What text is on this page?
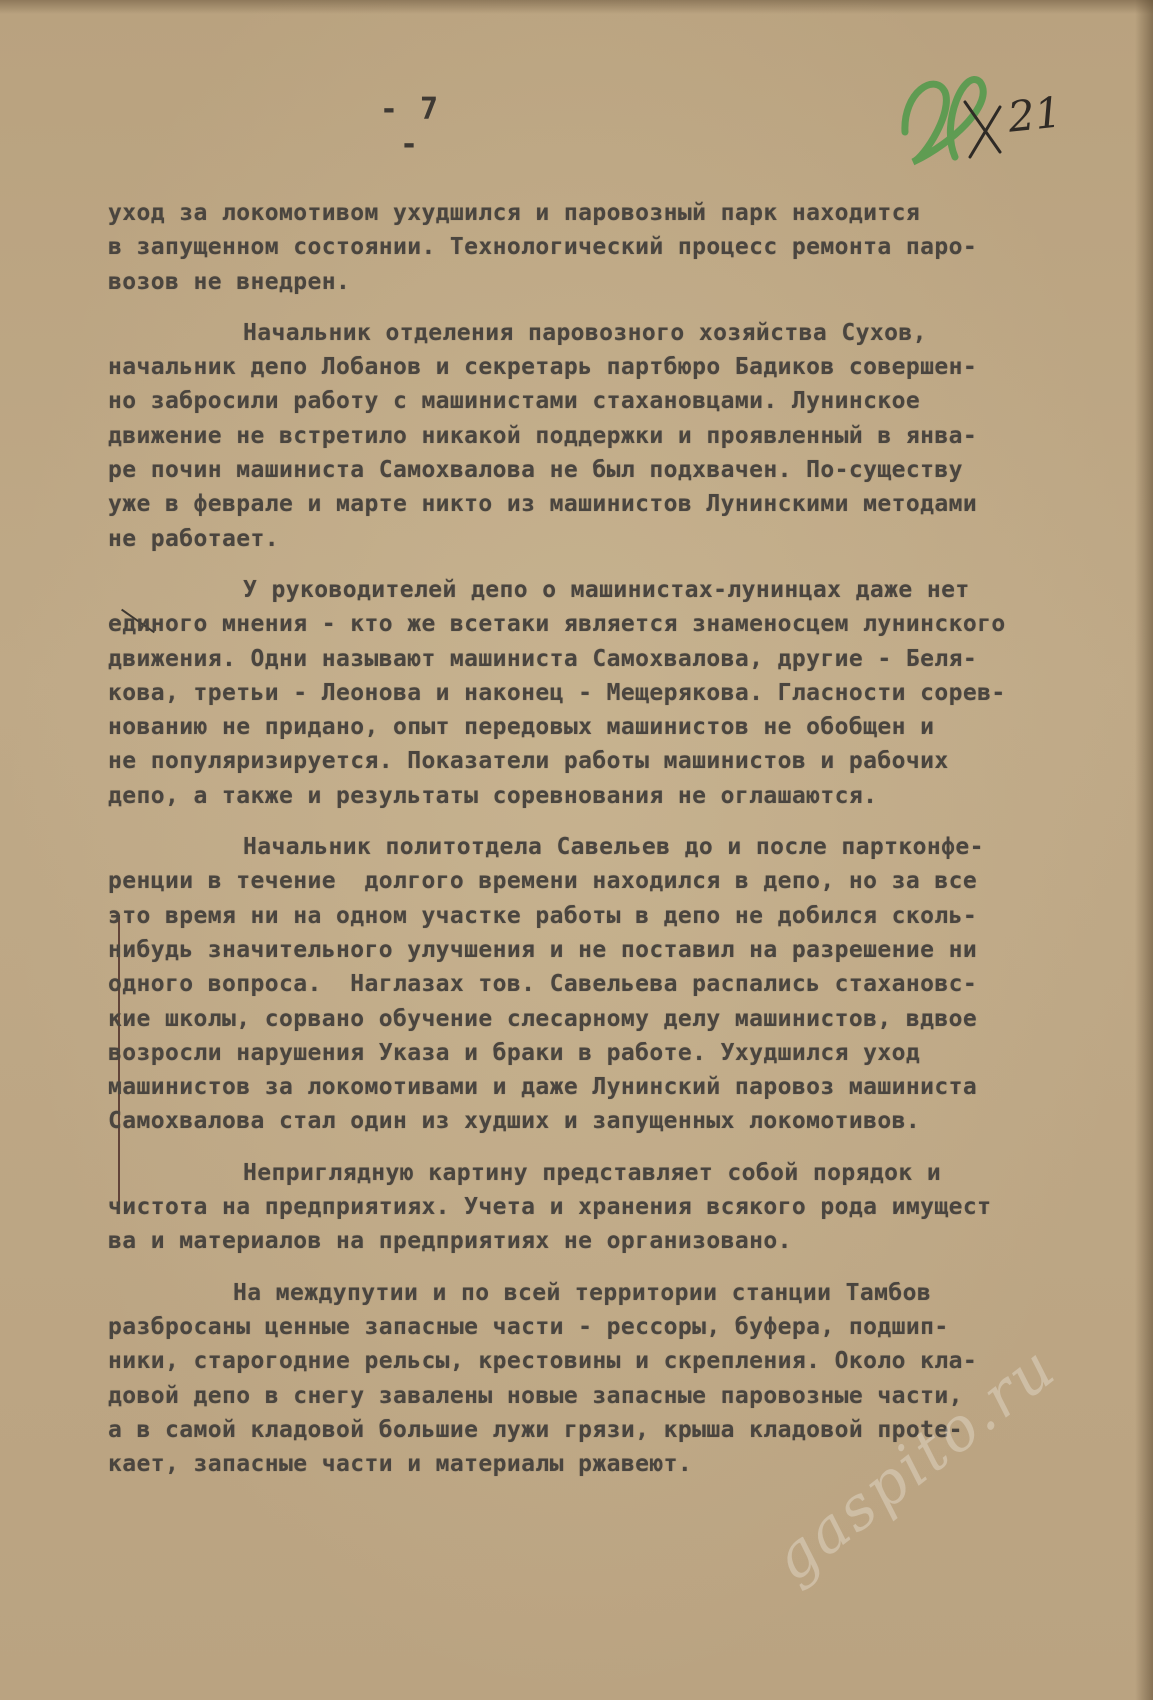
- 7 -
21
уход за локомотивом ухудшился и паровозный парк находится
в запущенном состоянии. Технологический процесс ремонта паро-
возов не внедрен.
Начальник отделения паровозного хозяйства Сухов,
начальник депо Лобанов и секретарь партбюро Бадиков совершен-
но забросили работу с машинистами стахановцами. Лунинское
движение не встретило никакой поддержки и проявленный в янва-
ре почин машиниста Самохвалова не был подхвачен. По-существу
уже в феврале и марте никто из машинистов Лунинскими методами
не работает.
У руководителей депо о машинистах-лунинцах даже нет
единого мнения - кто же всетаки является знаменосцем лунинского
движения. Одни называют машиниста Самохвалова, другие - Беля-
кова, третьи - Леонова и наконец - Мещерякова. Гласности сорев-
нованию не придано, опыт передовых машинистов не обобщен и
не популяризируется. Показатели работы машинистов и рабочих
депо, а также и результаты соревнования не оглашаются.
Начальник политотдела Савельев до и после партконфе-
ренции в течение  долгого времени находился в депо, но за все
это время ни на одном участке работы в депо не добился сколь-
нибудь значительного улучшения и не поставил на разрешение ни
одного вопроса.  Наглазах тов. Савельева распались стахановс-
кие школы, сорвано обучение слесарному делу машинистов, вдвое
возросли нарушения Указа и браки в работе. Ухудшился уход
машинистов за локомотивами и даже Лунинский паровоз машиниста
Самохвалова стал один из худших и запущенных локомотивов.
Неприглядную картину представляет собой порядок и
чистота на предприятиях. Учета и хранения всякого рода имущест
ва и материалов на предприятиях не организовано.
На междупутии и по всей территории станции Тамбов
разбросаны ценные запасные части - рессоры, буфера, подшип-
ники, старогодние рельсы, крестовины и скрепления. Около кла-
довой депо в снегу завалены новые запасные паровозные части,
а в самой кладовой большие лужи грязи, крыша кладовой прote-
кает, запасные части и материалы ржавеют.	gaspito.ru
